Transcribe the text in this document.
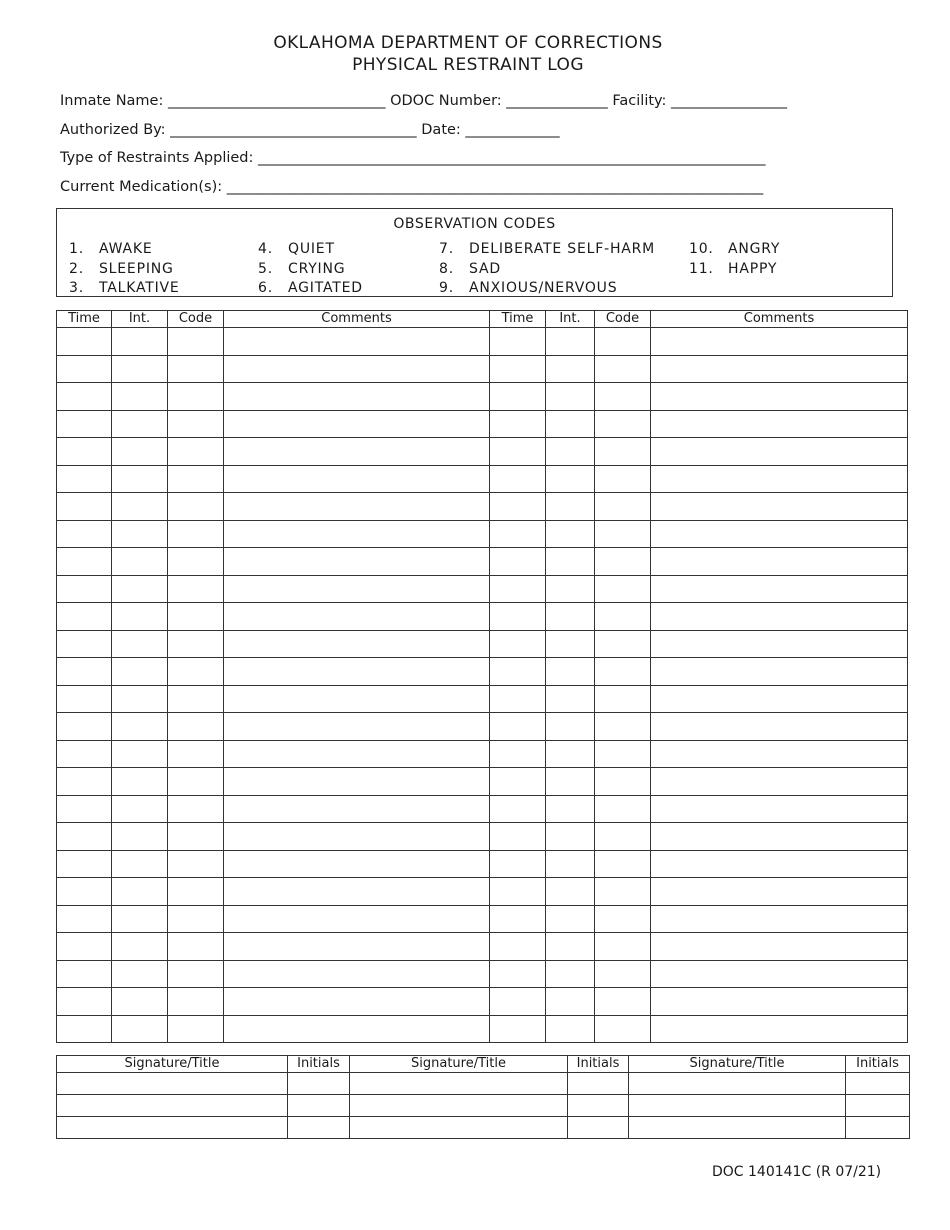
OKLAHOMA DEPARTMENT OF CORRECTIONS
PHYSICAL RESTRAINT LOG
Inmate Name: ______________________________ ODOC Number: ______________ Facility: ________________
Authorized By: __________________________________ Date: _____________
Type of Restraints Applied: ______________________________________________________________________
Current Medication(s): __________________________________________________________________________
OBSERVATION CODES
1. AWAKE
2. SLEEPING
3. TALKATIVE
4. QUIET
5. CRYING
6. AGITATED
7. DELIBERATE SELF-HARM
8. SAD
9. ANXIOUS/NERVOUS
10. ANGRY
11. HAPPY
Time	Int.	Code	Comments	Time	Int.	Code	Comments

Signature/Title	Initials	Signature/Title	Initials	Signature/Title	Initials

DOC 140141C (R 07/21)
